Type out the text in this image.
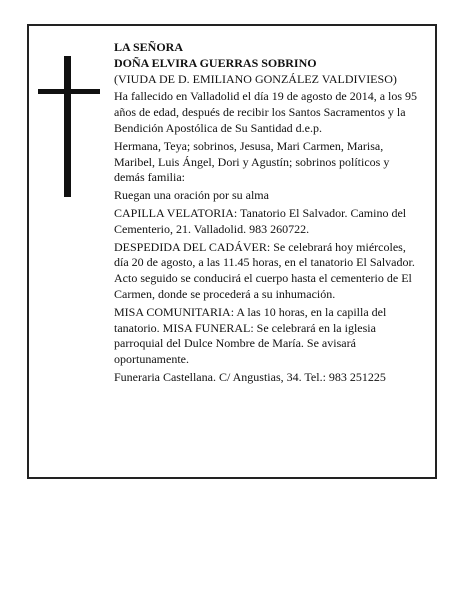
LA SEÑORA

DOÑA ELVIRA GUERRAS SOBRINO

(VIUDA DE D. EMILIANO GONZÁLEZ VALDIVIESO)

Ha fallecido en Valladolid el día 19 de agosto de 2014, a los 95 años de edad, después de recibir los Santos Sacramentos y la Bendición Apostólica de Su Santidad d.e.p.

Hermana, Teya; sobrinos, Jesusa, Mari Carmen, Marisa, Maribel, Luis Ángel, Dori y Agustín; sobrinos políticos y demás familia:

Ruegan una oración por su alma

CAPILLA VELATORIA: Tanatorio El Salvador. Camino del Cementerio, 21. Valladolid. 983 260722.

DESPEDIDA DEL CADÁVER: Se celebrará hoy miércoles, día 20 de agosto, a las 11.45 horas, en el tanatorio El Salvador. Acto seguido se conducirá el cuerpo hasta el cementerio de El Carmen, donde se procederá a su inhumación.

MISA COMUNITARIA: A las 10 horas, en la capilla del tanatorio. MISA FUNERAL: Se celebrará en la iglesia parroquial del Dulce Nombre de María. Se avisará oportunamente.

Funeraria Castellana. C/ Angustias, 34. Tel.: 983 251225
